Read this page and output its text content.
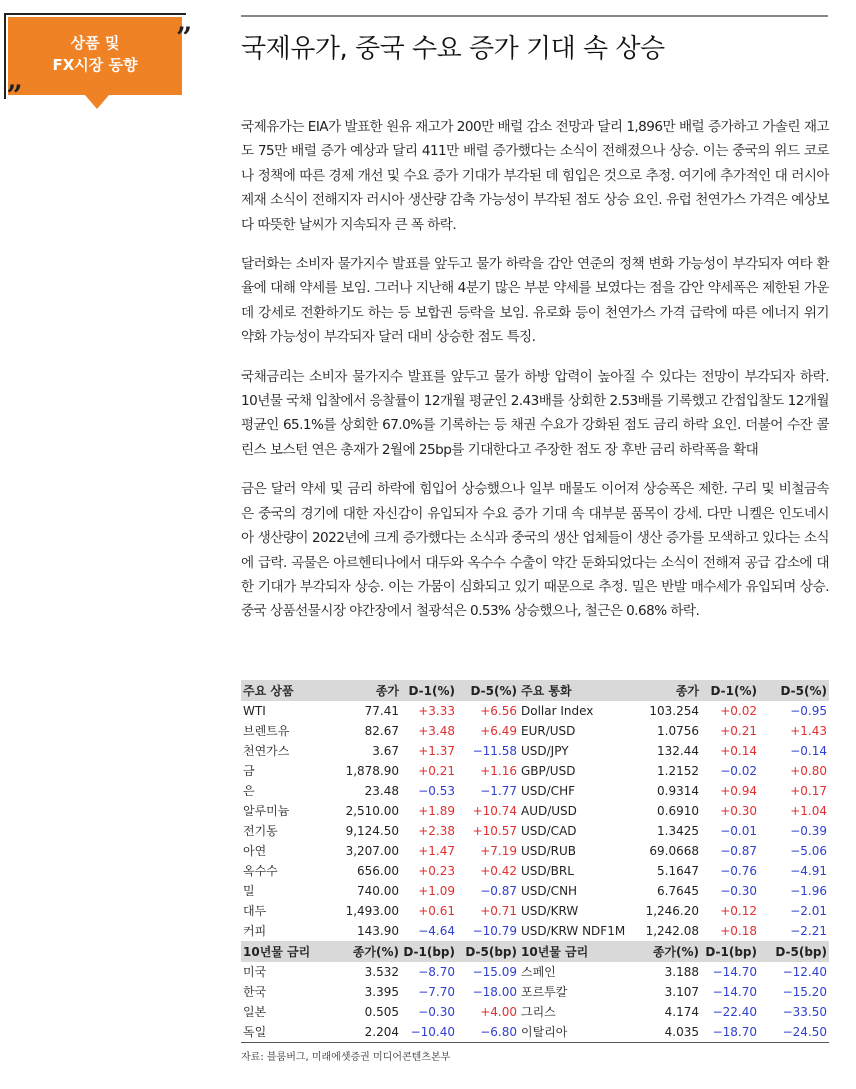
상품 및
FX시장 동향
„
” 국제유가, 중국 수요 증가 기대 속 상승

국제유가는 EIA가 발표한 원유 재고가 200만 배럴 감소 전망과 달리 1,896만 배럴 증가하고 가솔린 재고도 75만 배럴 증가 예상과 달리 411만 배럴 증가했다는 소식이 전해졌으나 상승. 이는 중국의 위드 코로나 정책에 따른 경제 개선 및 수요 증가 기대가 부각된 데 힘입은 것으로 추정. 여기에 추가적인 대 러시아 제재 소식이 전해지자 러시아 생산량 감축 가능성이 부각된 점도 상승 요인. 유럽 천연가스 가격은 예상보다 따뜻한 날씨가 지속되자 큰 폭 하락.

달러화는 소비자 물가지수 발표를 앞두고 물가 하락을 감안 연준의 정책 변화 가능성이 부각되자 여타 환율에 대해 약세를 보임. 그러나 지난해 4분기 많은 부분 약세를 보였다는 점을 감안 약세폭은 제한된 가운데 강세로 전환하기도 하는 등 보합권 등락을 보임. 유로화 등이 천연가스 가격 급락에 따른 에너지 위기 약화 가능성이 부각되자 달러 대비 상승한 점도 특징.

국채금리는 소비자 물가지수 발표를 앞두고 물가 하방 압력이 높아질 수 있다는 전망이 부각되자 하락. 10년물 국채 입찰에서 응찰률이 12개월 평균인 2.43배를 상회한 2.53배를 기록했고 간접입찰도 12개월 평균인 65.1%를 상회한 67.0%를 기록하는 등 채권 수요가 강화된 점도 금리 하락 요인. 더불어 수잔 콜린스 보스턴 연은 총재가 2월에 25bp를 기대한다고 주장한 점도 장 후반 금리 하락폭을 확대

금은 달러 약세 및 금리 하락에 힘입어 상승했으나 일부 매물도 이어져 상승폭은 제한. 구리 및 비철금속은 중국의 경기에 대한 자신감이 유입되자 수요 증가 기대 속 대부분 품목이 강세. 다만 니켈은 인도네시아 생산량이 2022년에 크게 증가했다는 소식과 중국의 생산 업체들이 생산 증가를 모색하고 있다는 소식에 급락. 곡물은 아르헨티나에서 대두와 옥수수 수출이 약간 둔화되었다는 소식이 전해져 공급 감소에 대한 기대가 부각되자 상승. 이는 가뭄이 심화되고 있기 때문으로 추정. 밀은 반발 매수세가 유입되며 상승. 중국 상품선물시장 야간장에서 철광석은 0.53% 상승했으나, 철근은 0.68% 하락.

주요 상품	종가	D-1(%)	D-5(%)	주요 통화	종가	D-1(%)	D-5(%)
WTI	77.41	+3.33	+6.56	Dollar Index	103.254	+0.02	−0.95
브렌트유	82.67	+3.48	+6.49	EUR/USD	1.0756	+0.21	+1.43
천연가스	3.67	+1.37	−11.58	USD/JPY	132.44	+0.14	−0.14
금	1,878.90	+0.21	+1.16	GBP/USD	1.2152	−0.02	+0.80
은	23.48	−0.53	−1.77	USD/CHF	0.9314	+0.94	+0.17
알루미늄	2,510.00	+1.89	+10.74	AUD/USD	0.6910	+0.30	+1.04
전기동	9,124.50	+2.38	+10.57	USD/CAD	1.3425	−0.01	−0.39
아연	3,207.00	+1.47	+7.19	USD/RUB	69.0668	−0.87	−5.06
옥수수	656.00	+0.23	+0.42	USD/BRL	5.1647	−0.76	−4.91
밀	740.00	+1.09	−0.87	USD/CNH	6.7645	−0.30	−1.96
대두	1,493.00	+0.61	+0.71	USD/KRW	1,246.20	+0.12	−2.01
커피	143.90	−4.64	−10.79	USD/KRW NDF1M	1,242.08	+0.18	−2.21
10년물 금리	종가(%)	D-1(bp)	D-5(bp)	10년물 금리	종가(%)	D-1(bp)	D-5(bp)
미국	3.532	−8.70	−15.09	스페인	3.188	−14.70	−12.40
한국	3.395	−7.70	−18.00	포르투칼	3.107	−14.70	−15.20
일본	0.505	−0.30	+4.00	그리스	4.174	−22.40	−33.50
독일	2.204	−10.40	−6.80	이탈리아	4.035	−18.70	−24.50
자료: 블룸버그, 미래에셋증권 미디어콘텐츠본부
